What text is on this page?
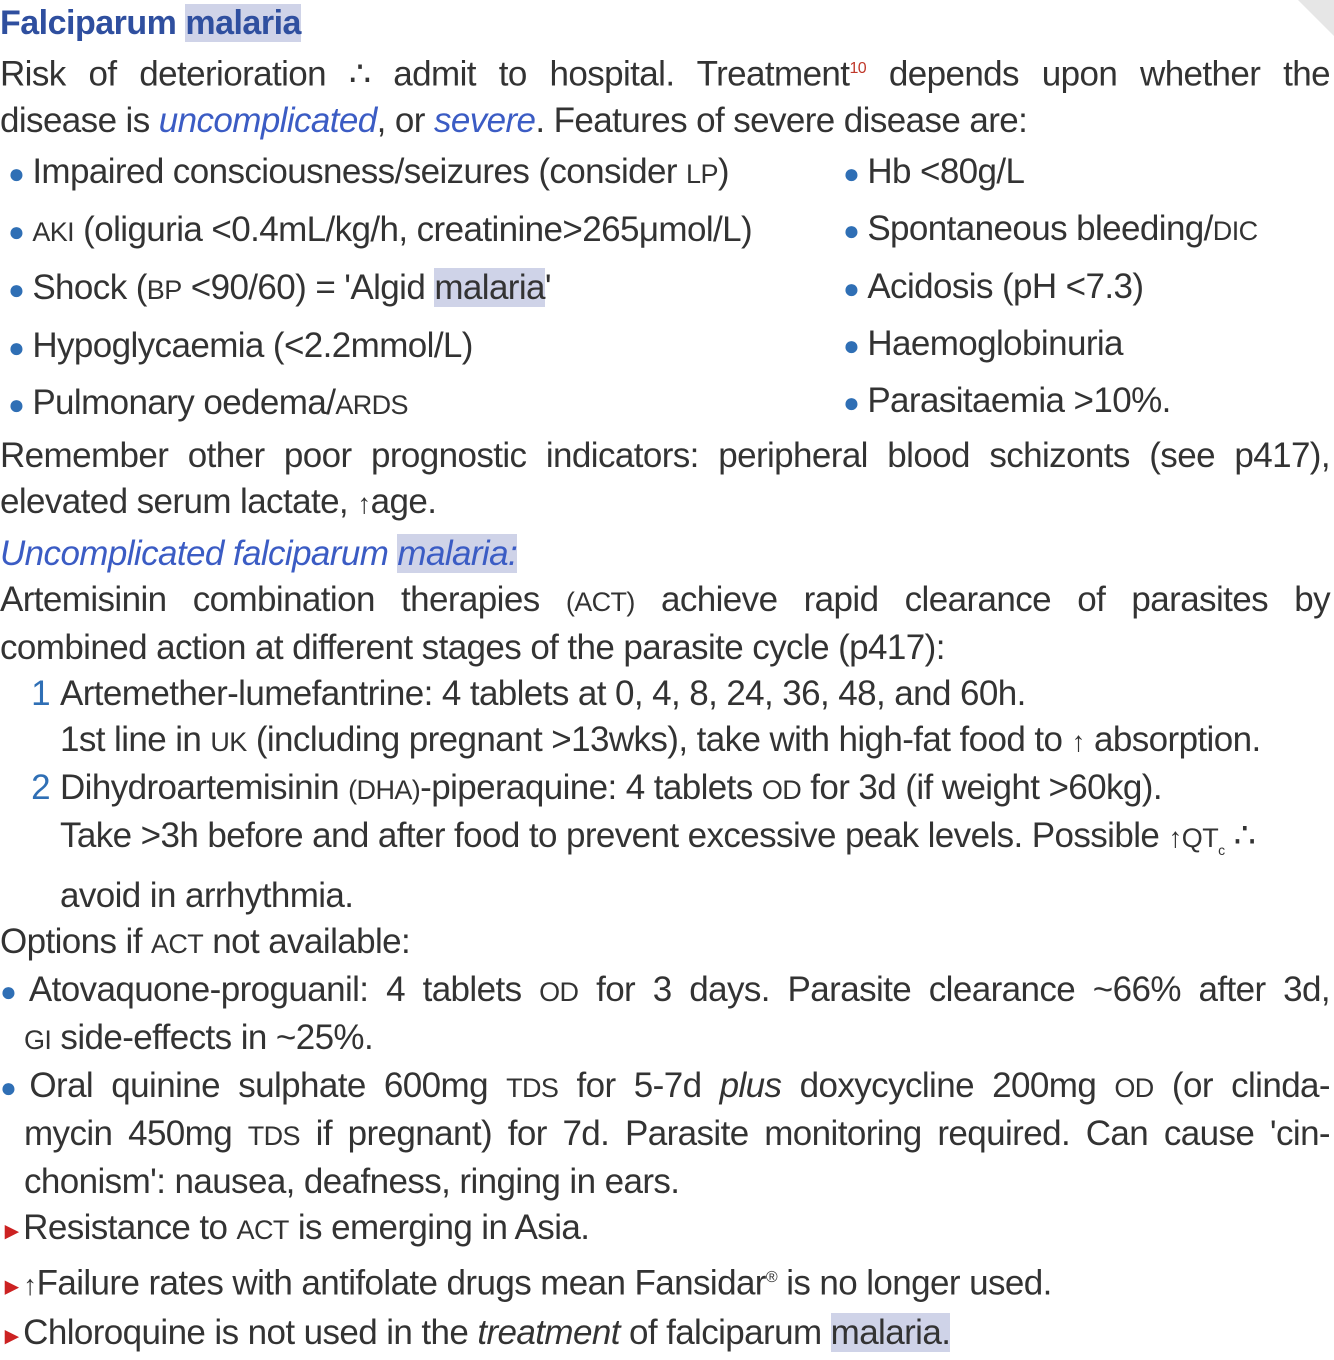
Falciparum malaria
Risk of deterioration ∴ admit to hospital. Treatment$^{10}$ depends upon whether the
disease is uncomplicated, or severe. Features of severe disease are:
● Impaired consciousness/seizures (consider LP)
● AKI (oliguria <0.4mL/kg/h, creatinine>265μmol/L)
● Shock (BP <90/60) = 'Algid malaria'
● Hypoglycaemia (<2.2mmol/L)
● Pulmonary oedema/ARDS
● Hb <80g/L
● Spontaneous bleeding/DIC
● Acidosis (pH <7.3)
● Haemoglobinuria
● Parasitaemia >10%.
Remember other poor prognostic indicators: peripheral blood schizonts (see p417),
elevated serum lactate, ↑age.
Uncomplicated falciparum malaria:
Artemisinin combination therapies (ACT) achieve rapid clearance of parasites by
combined action at different stages of the parasite cycle (p417):
1 Artemether-lumefantrine: 4 tablets at 0, 4, 8, 24, 36, 48, and 60h.
1st line in UK (including pregnant >13wks), take with high-fat food to ↑ absorption.
2 Dihydroartemisinin (DHA)-piperaquine: 4 tablets OD for 3d (if weight >60kg).
Take >3h before and after food to prevent excessive peak levels. Possible $↑QT_c$ ∴
avoid in arrhythmia.
Options if ACT not available:
● Atovaquone-proguanil: 4 tablets OD for 3 days. Parasite clearance ~66% after 3d,
GI side-effects in ~25%.
● Oral quinine sulphate 600mg TDS for 5-7d plus doxycycline 200mg OD (or clinda-
mycin 450mg TDS if pregnant) for 7d. Parasite monitoring required. Can cause 'cin-
chonism': nausea, deafness, ringing in ears.
►Resistance to ACT is emerging in Asia.
►↑Failure rates with antifolate drugs mean Fansidar® is no longer used.
►Chloroquine is not used in the treatment of falciparum malaria.
